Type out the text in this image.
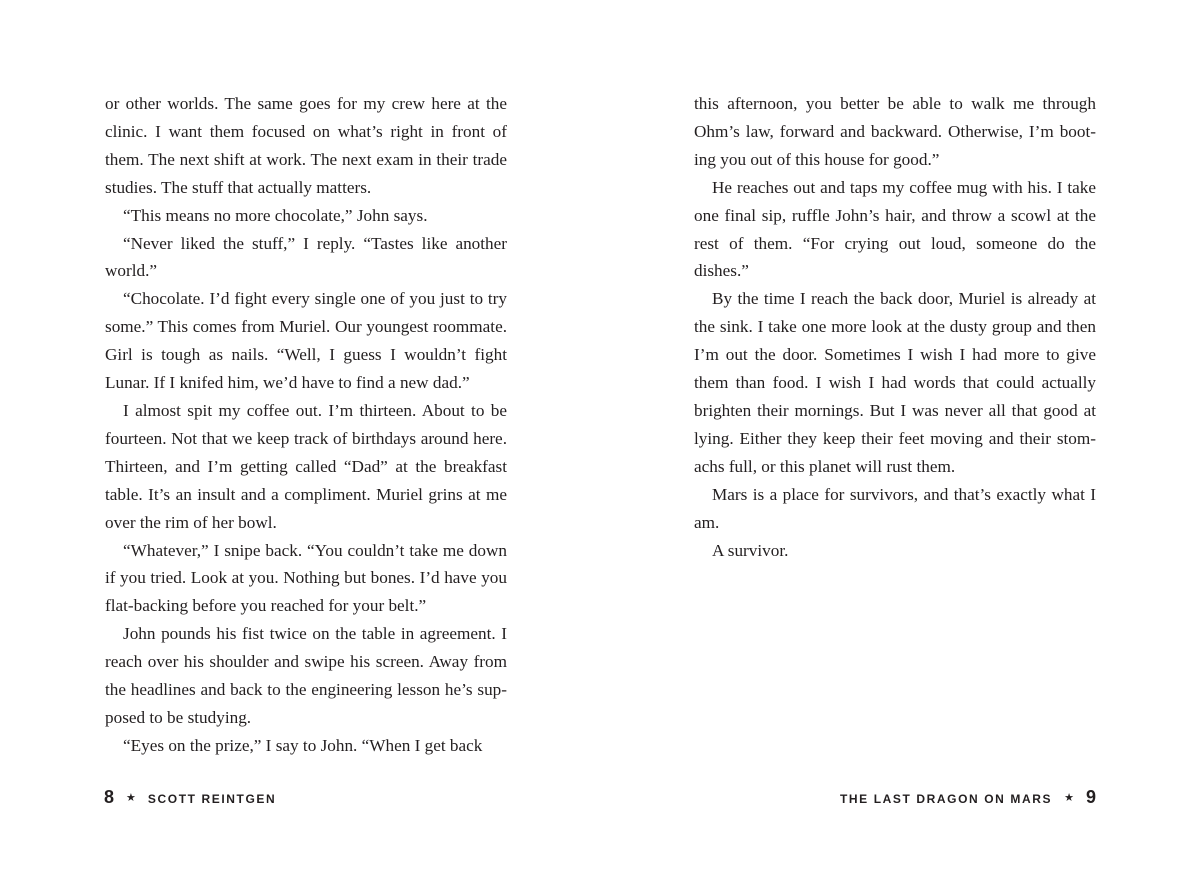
or other worlds. The same goes for my crew here at the clinic. I want them focused on what’s right in front of them. The next shift at work. The next exam in their trade studies. The stuff that actually matters.

“This means no more chocolate,” John says.

“Never liked the stuff,” I reply. “Tastes like another world.”

“Chocolate. I’d fight every single one of you just to try some.” This comes from Muriel. Our youngest roommate. Girl is tough as nails. “Well, I guess I wouldn’t fight Lunar. If I knifed him, we’d have to find a new dad.”

I almost spit my coffee out. I’m thirteen. About to be fourteen. Not that we keep track of birthdays around here. Thirteen, and I’m getting called “Dad” at the breakfast table. It’s an insult and a compliment. Muriel grins at me over the rim of her bowl.

“Whatever,” I snipe back. “You couldn’t take me down if you tried. Look at you. Nothing but bones. I’d have you flat-backing before you reached for your belt.”

John pounds his fist twice on the table in agreement. I reach over his shoulder and swipe his screen. Away from the headlines and back to the engineering lesson he’s supposed to be studying.

“Eyes on the prize,” I say to John. “When I get back

this afternoon, you better be able to walk me through Ohm’s law, forward and backward. Otherwise, I’m booting you out of this house for good.”

He reaches out and taps my coffee mug with his. I take one final sip, ruffle John’s hair, and throw a scowl at the rest of them. “For crying out loud, someone do the dishes.”

By the time I reach the back door, Muriel is already at the sink. I take one more look at the dusty group and then I’m out the door. Sometimes I wish I had more to give them than food. I wish I had words that could actually brighten their mornings. But I was never all that good at lying. Either they keep their feet moving and their stomachs full, or this planet will rust them.

Mars is a place for survivors, and that’s exactly what I am.

A survivor.

8 ★ SCOTT REINTGEN	THE LAST DRAGON ON MARS ★ 9
